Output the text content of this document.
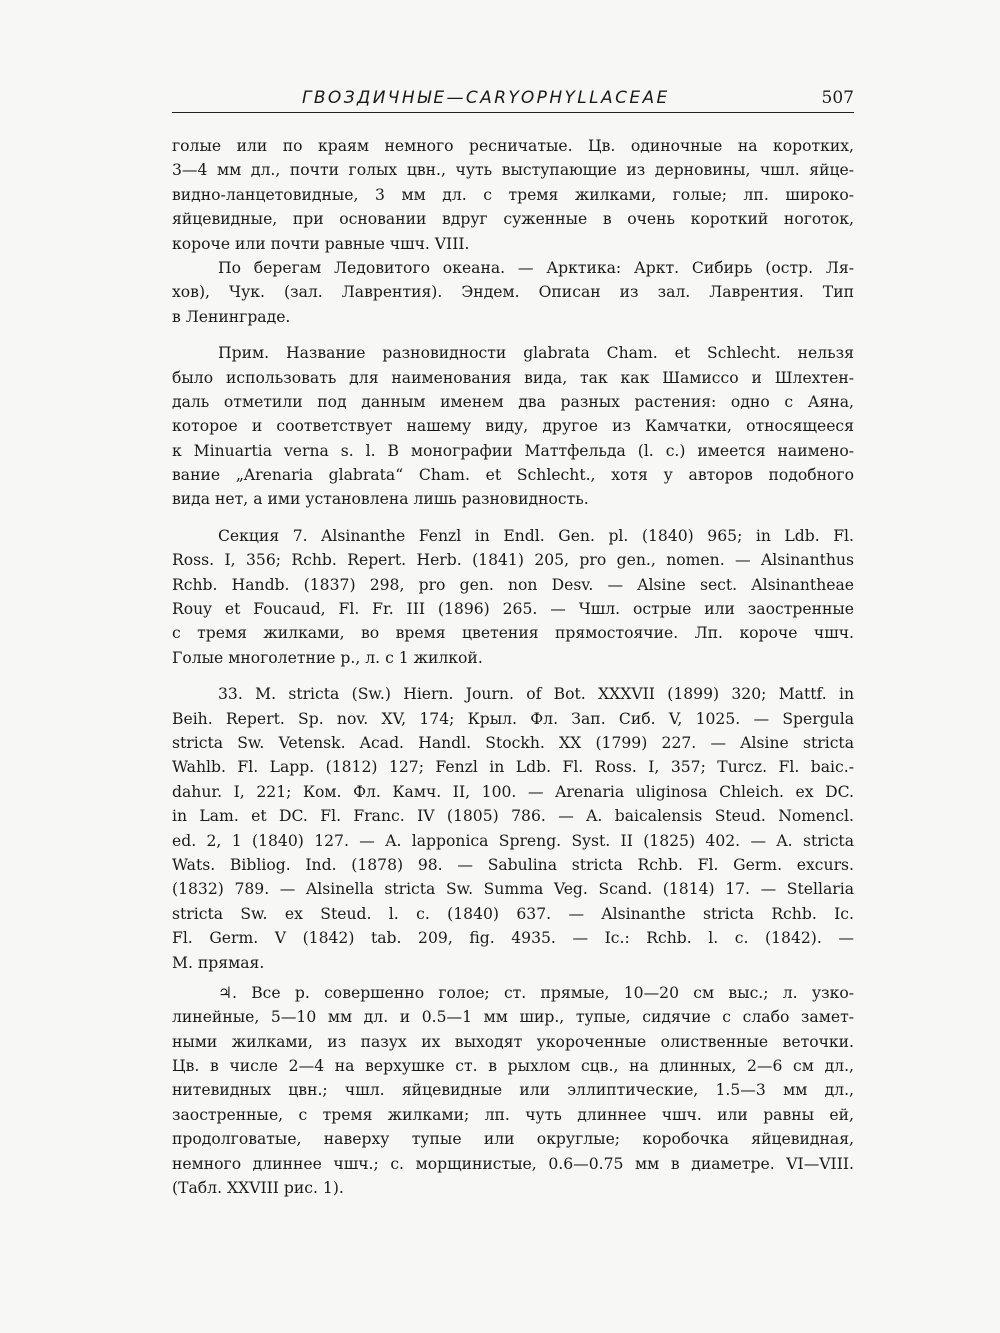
ГВОЗДИЧНЫЕ—CARYOPHYLLACEAE	507
голые или по краям немного ресничатые. Цв. одиночные на коротких,
3—4 мм дл., почти голых цвн., чуть выступающие из дерновины, чшл. яйце-
видно-ланцетовидные, 3 мм дл. с тремя жилками, голые; лп. широко-
яйцевидные, при основании вдруг суженные в очень короткий ноготок,
короче или почти равные чшч. VIII.
По берегам Ледовитого океана. — Арктика: Аркт. Сибирь (остр. Ля-
хов), Чук. (зал. Лаврентия). Эндем. Описан из зал. Лаврентия. Тип
в Ленинграде.
Прим. Название разновидности glabrata Cham. et Schlecht. нельзя
было использовать для наименования вида, так как Шамиссо и Шлехтен-
даль отметили под данным именем два разных растения: одно с Аяна,
которое и соответствует нашему виду, другое из Камчатки, относящееся
к Minuartia verna s. l. В монографии Маттфельда (l. c.) имеется наимено-
вание „Arenaria glabrata“ Cham. et Schlecht., хотя у авторов подобного
вида нет, а ими установлена лишь разновидность.
Секция 7. Alsinanthe Fenzl in Endl. Gen. pl. (1840) 965; in Ldb. Fl.
Ross. I, 356; Rchb. Repert. Herb. (1841) 205, pro gen., nomen. — Alsinanthus
Rchb. Handb. (1837) 298, pro gen. non Desv. — Alsine sect. Alsinantheae
Rouy et Foucaud, Fl. Fr. III (1896) 265. — Чшл. острые или заостренные
с тремя жилками, во время цветения прямостоячие. Лп. короче чшч.
Голые многолетние р., л. с 1 жилкой.
33. M. stricta (Sw.) Hiern. Journ. of Bot. XXXVII (1899) 320; Mattf. in
Beih. Repert. Sp. nov. XV, 174; Крыл. Фл. Зап. Сиб. V, 1025. — Spergula
stricta Sw. Vetensk. Acad. Handl. Stockh. XX (1799) 227. — Alsine stricta
Wahlb. Fl. Lapp. (1812) 127; Fenzl in Ldb. Fl. Ross. I, 357; Turcz. Fl. baic.-
dahur. I, 221; Ком. Фл. Камч. II, 100. — Arenaria uliginosa Chleich. ex DC.
in Lam. et DC. Fl. Franc. IV (1805) 786. — A. baicalensis Steud. Nomencl.
ed. 2, 1 (1840) 127. — A. lapponica Spreng. Syst. II (1825) 402. — A. stricta
Wats. Bibliog. Ind. (1878) 98. — Sabulina stricta Rchb. Fl. Germ. excurs.
(1832) 789. — Alsinella stricta Sw. Summa Veg. Scand. (1814) 17. — Stellaria
stricta Sw. ex Steud. l. c. (1840) 637. — Alsinanthe stricta Rchb. Ic.
Fl. Germ. V (1842) tab. 209, fig. 4935. — Ic.: Rchb. l. c. (1842). —
M. прямая.
♃. Все р. совершенно голое; ст. прямые, 10—20 см выс.; л. узко-
линейные, 5—10 мм дл. и 0.5—1 мм шир., тупые, сидячие с слабо замет-
ными жилками, из пазух их выходят укороченные олиственные веточки.
Цв. в числе 2—4 на верхушке ст. в рыхлом сцв., на длинных, 2—6 см дл.,
нитевидных цвн.; чшл. яйцевидные или эллиптические, 1.5—3 мм дл.,
заостренные, с тремя жилками; лп. чуть длиннее чшч. или равны ей,
продолговатые, наверху тупые или округлые; коробочка яйцевидная,
немного длиннее чшч.; с. морщинистые, 0.6—0.75 мм в диаметре. VI—VIII.
(Табл. XXVIII рис. 1).
